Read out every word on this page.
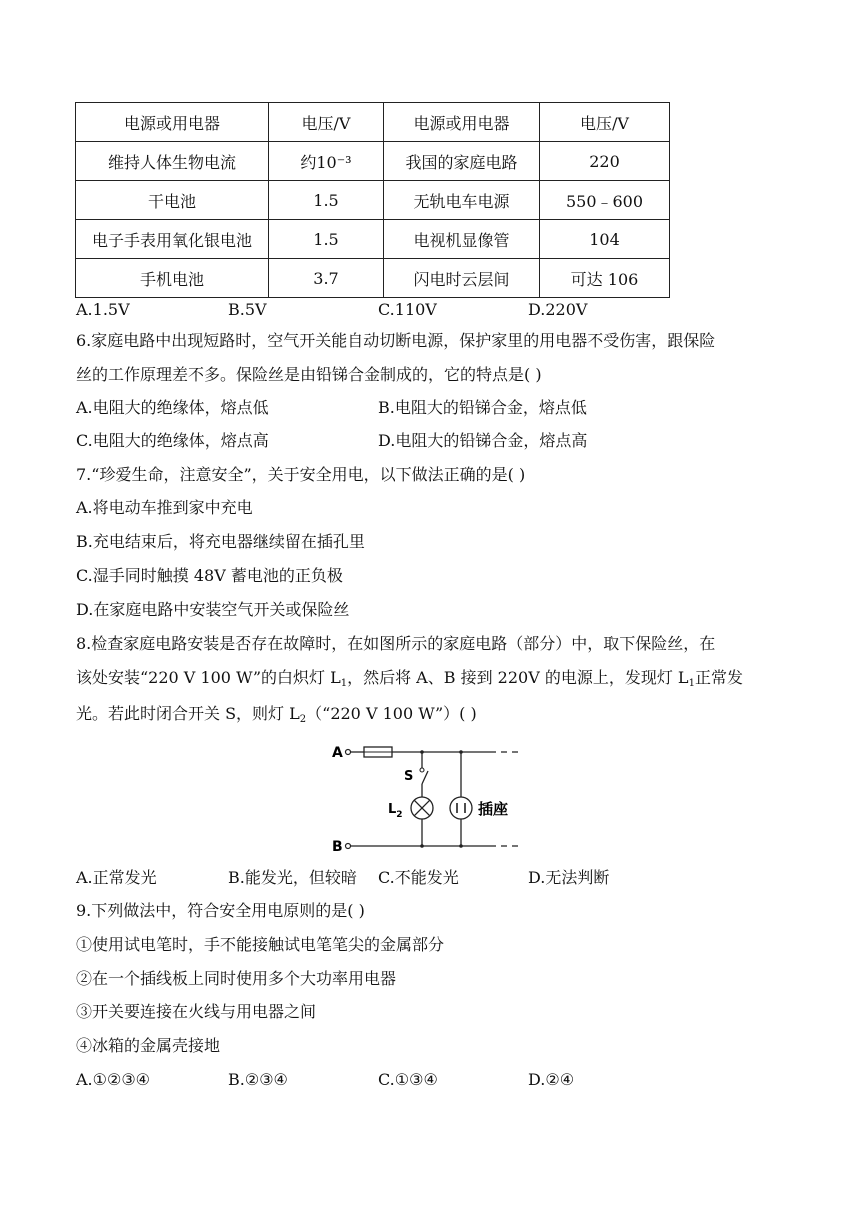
电源或用电器	电压/V	电源或用电器	电压/V
维持人体生物电流	约10⁻³	我国的家庭电路	220
干电池	1.5	无轨电车电源	550﹣600
电子手表用氧化银电池	1.5	电视机显像管	104
手机电池	3.7	闪电时云层间	可达 106
A.1.5V	B.5V	C.110V	D.220V
6.家庭电路中出现短路时，空气开关能自动切断电源，保护家里的用电器不受伤害，跟保险
丝的工作原理差不多。保险丝是由铅锑合金制成的，它的特点是( )
A.电阻大的绝缘体，熔点低	B.电阻大的铅锑合金，熔点低
C.电阻大的绝缘体，熔点高	D.电阻大的铅锑合金，熔点高
7.“珍爱生命，注意安全”，关于安全用电，以下做法正确的是( )
A.将电动车推到家中充电
B.充电结束后，将充电器继续留在插孔里
C.湿手同时触摸 48V 蓄电池的正负极
D.在家庭电路中安装空气开关或保险丝
8.检查家庭电路安装是否存在故障时，在如图所示的家庭电路（部分）中，取下保险丝，在
该处安装“220 V 100 W”的白炽灯 $L_1$，然后将 A、B 接到 220V 的电源上，发现灯 $L_1$正常发
光。若此时闭合开关 S，则灯 $L_2(“220$ V 100 W”）( )
A
B
S
$L_2$	插座
A.正常发光	B.能发光，但较暗 C.不能发光	D.无法判断
9.下列做法中，符合安全用电原则的是( )
①使用试电笔时，手不能接触试电笔笔尖的金属部分
②在一个插线板上同时使用多个大功率用电器
③开关要连接在火线与用电器之间
④冰箱的金属壳接地
A.①②③④	B.②③④	C.①③④	D.②④
